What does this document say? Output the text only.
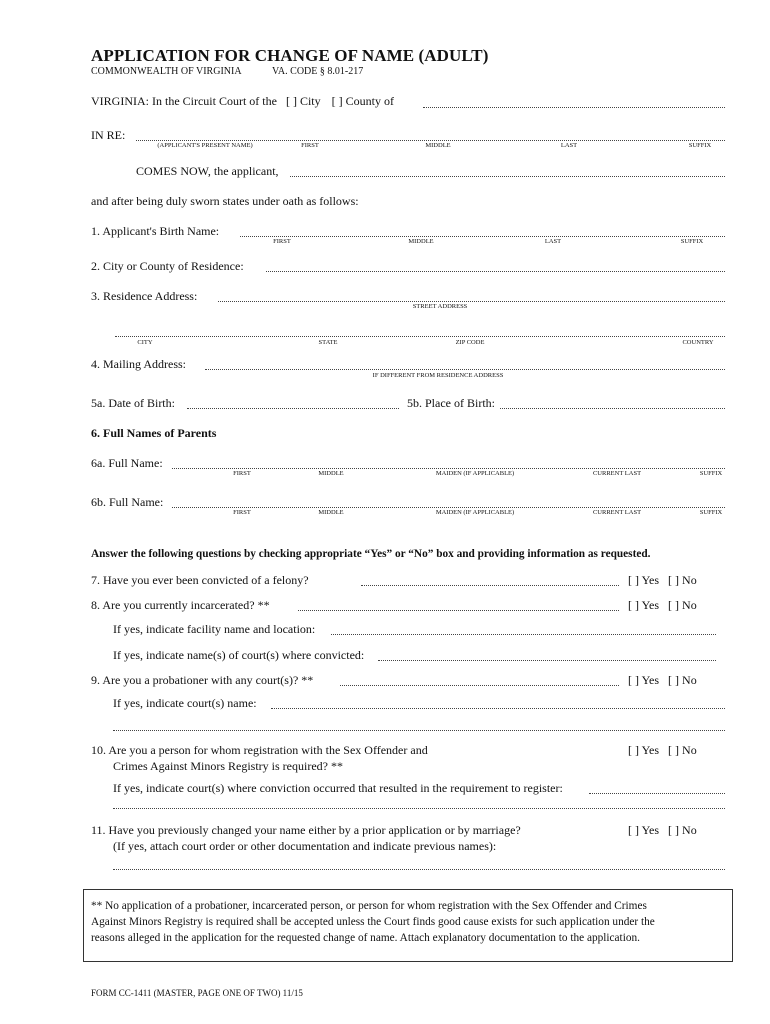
APPLICATION FOR CHANGE OF NAME (ADULT)
COMMONWEALTH OF VIRGINIA	VA. CODE § 8.01-217
VIRGINIA: In the Circuit Court of the [ ] City [ ] County of
IN RE:
(APPLICANT'S PRESENT NAME)	FIRST	MIDDLE	LAST	SUFFIX
COMES NOW, the applicant,
and after being duly sworn states under oath as follows:
1. Applicant's Birth Name:
FIRST	MIDDLE	LAST	SUFFIX
2. City or County of Residence:
3. Residence Address:
STREET ADDRESS
CITY	STATE	ZIP CODE	COUNTRY
4. Mailing Address:
IF DIFFERENT FROM RESIDENCE ADDRESS
5a. Date of Birth:	5b. Place of Birth:
6. Full Names of Parents
6a. Full Name:
FIRST	MIDDLE	MAIDEN (IF APPLICABLE)	CURRENT LAST	SUFFIX
6b. Full Name:
FIRST	MIDDLE	MAIDEN (IF APPLICABLE)	CURRENT LAST	SUFFIX
Answer the following questions by checking appropriate “Yes” or “No” box and providing information as requested.
7. Have you ever been convicted of a felony?	[ ] Yes [ ] No
8. Are you currently incarcerated? **	[ ] Yes [ ] No
If yes, indicate facility name and location:
If yes, indicate name(s) of court(s) where convicted:
9. Are you a probationer with any court(s)? **	[ ] Yes [ ] No
If yes, indicate court(s) name:
10. Are you a person for whom registration with the Sex Offender and
Crimes Against Minors Registry is required? **
[ ] Yes [ ] No
If yes, indicate court(s) where conviction occurred that resulted in the requirement to register:
11. Have you previously changed your name either by a prior application or by marriage?
(If yes, attach court order or other documentation and indicate previous names):
[ ] Yes [ ] No
** No application of a probationer, incarcerated person, or person for whom registration with the Sex Offender and Crimes
Against Minors Registry is required shall be accepted unless the Court finds good cause exists for such application under the
reasons alleged in the application for the requested change of name. Attach explanatory documentation to the application.
FORM CC-1411 (MASTER, PAGE ONE OF TWO) 11/15
